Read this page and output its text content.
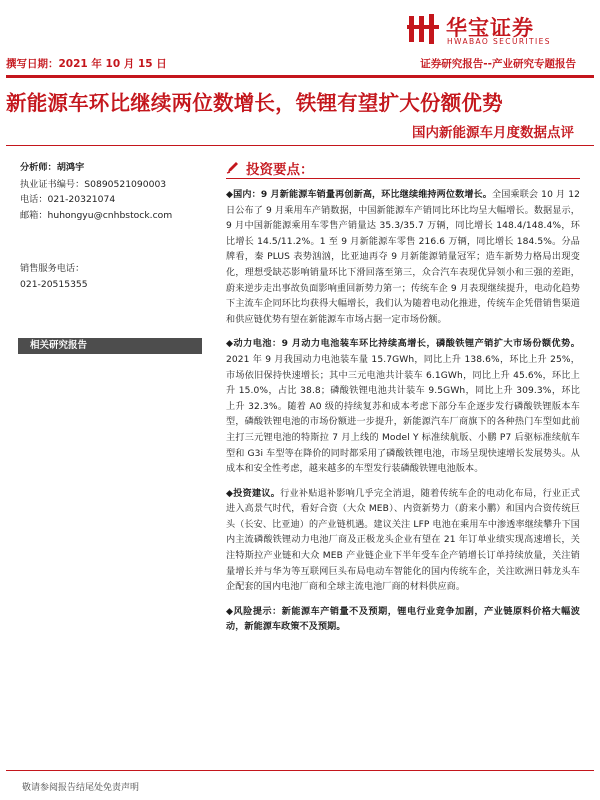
华宝证券
HWABAO SECURITIES
撰写日期：2021 年 10 月 15 日	证券研究报告--产业研究专题报告
新能源车环比继续两位数增长，铁锂有望扩大份额优势
国内新能源车月度数据点评
分析师：胡鸿宇
执业证书编号：S0890521090003
电话：021-20321074
邮箱：huhongyu@cnhbstock.com
销售服务电话：
021-20515355
相关研究报告
投资要点：
◆国内：9 月新能源车销量再创新高，环比继续维持两位数增长。全国乘联会 10 月 12 日公布了 9 月乘用车产销数据，中国新能源车产销同比环比均呈大幅增长。数据显示，9 月中国新能源乘用车零售产销量达 35.3/35.7 万辆，同比增长 148.4/148.4%，环比增长 14.5/11.2%。1 至 9 月新能源车零售 216.6 万辆，同比增长 184.5%。分品牌看，秦 PLUS 表势汹汹，比亚迪再夺 9 月新能源销量冠军；造车新势力格局出现变化，理想受缺芯影响销量环比下滑回落至第三，众合汽车表现优异领小和三强的差距，蔚来逆步走出事故负面影响重回新势力第一；传统车企 9 月表现继续提升，电动化趋势下主流车企同环比均获得大幅增长，我们认为随着电动化推进，传统车企凭借销售渠道和供应链优势有望在新能源车市场占据一定市场份额。
◆动力电池：9 月动力电池装车环比持续高增长，磷酸铁锂产销扩大市场份额优势。2021 年 9 月我国动力电池装车量 15.7GWh，同比上升 138.6%，环比上升 25%，市场依旧保持快速增长；其中三元电池共计装车 6.1GWh，同比上升 45.6%，环比上升 15.0%，占比 38.8；磷酸铁锂电池共计装车 9.5GWh，同比上升 309.3%，环比上升 32.3%。随着 A0 级的持续复苏和成本考虑下部分车企逐步发行磷酸铁锂版本车型，磷酸铁锂电池的市场份额进一步提升，新能源汽车厂商旗下的各种热门车型如此前主打三元锂电池的特斯拉 7 月上线的 Model Y 标准续航版、小鹏 P7 后驱标准续航车型和 G3i 车型等在降价的同时都采用了磷酸铁锂电池，市场呈现快速增长发展势头。从成本和安全性考虑，越来越多的车型发行装磷酸铁锂电池版本。
◆投资建议。行业补贴退补影响几乎完全消退，随着传统车企的电动化布局，行业正式进入高景气时代，看好合资（大众 MEB）、内资新势力（蔚来小鹏）和国内合资传统巨头（长安、比亚迪）的产业链机遇。建议关注 LFP 电池在乘用车中渗透率继续攀升下国内主流磷酸铁锂动力电池厂商及正极龙头企业有望在 21 年订单业绩实现高速增长，关注特斯拉产业链和大众 MEB 产业链企业下半年受车企产销增长订单持续放量，关注销量增长并与华为等互联网巨头布局电动车智能化的国内传统车企，关注欧洲日韩龙头车企配套的国内电池厂商和全球主流电池厂商的材料供应商。
◆风险提示：新能源车产销量不及预期，锂电行业竞争加剧，产业链原料价格大幅波动，新能源车政策不及预期。
敬请参阅报告结尾处免责声明
